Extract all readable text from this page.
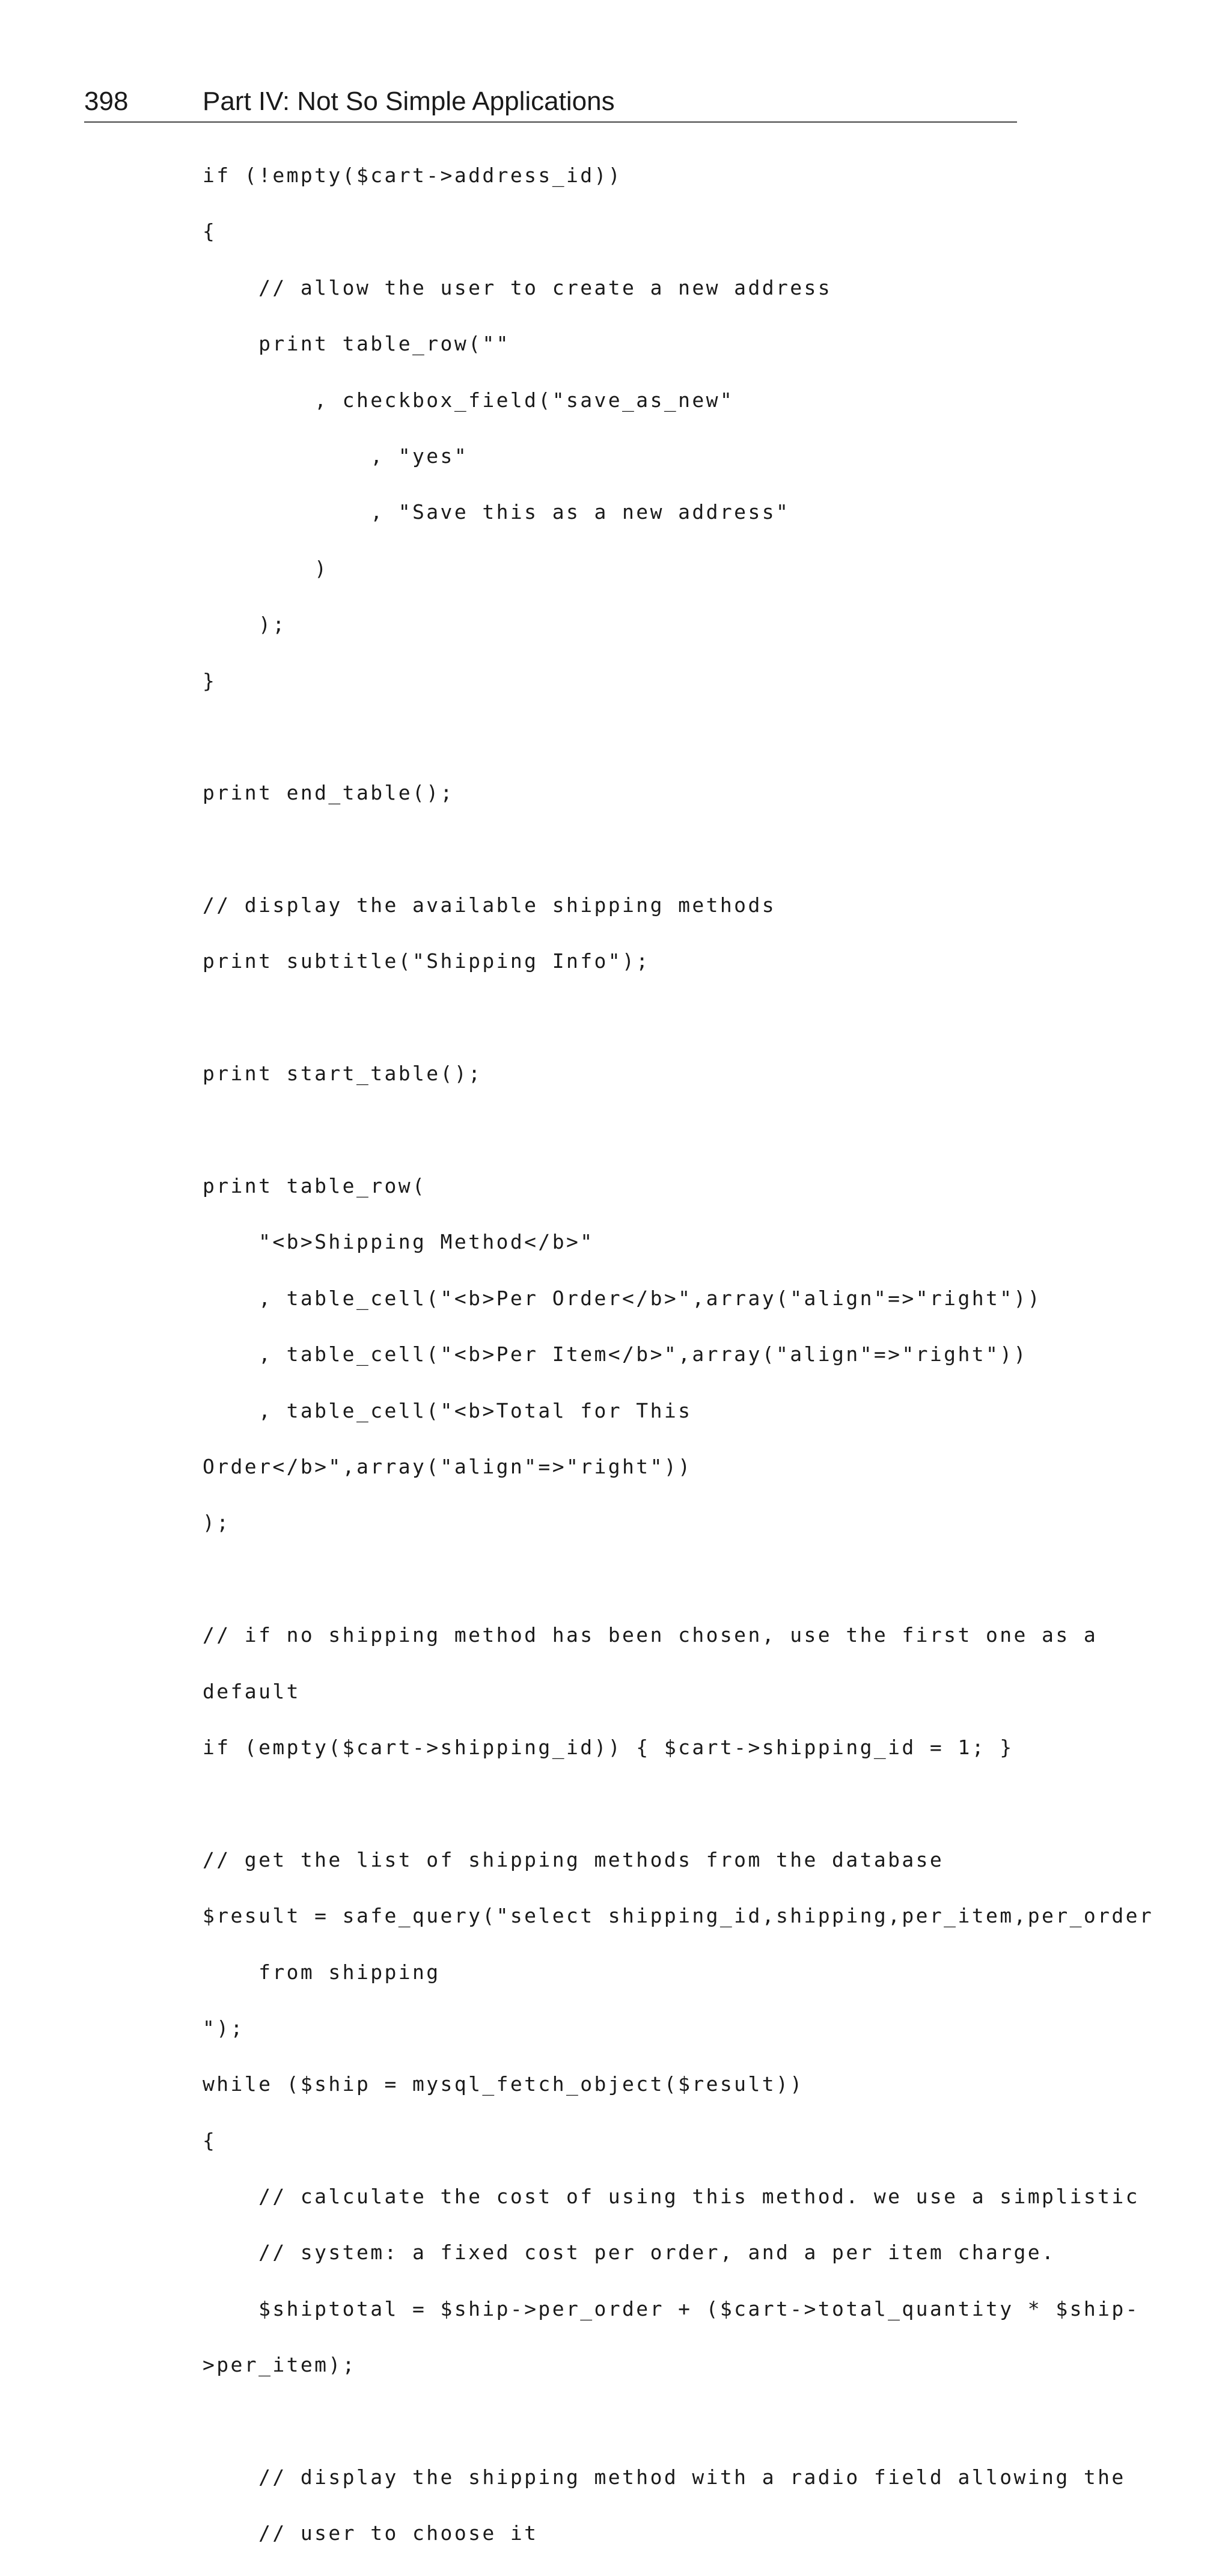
398	Part IV: Not So Simple Applications
if (!empty($cart->address_id))

{

// allow the user to create a new address

print table_row(""

, checkbox_field("save_as_new"

, "yes"

, "Save this as a new address"

)

);

}

print end_table();

// display the available shipping methods

print subtitle("Shipping Info");

print start_table();

print table_row(

"<b>Shipping Method</b>"

, table_cell("<b>Per Order</b>",array("align"=>"right"))

, table_cell("<b>Per Item</b>",array("align"=>"right"))

, table_cell("<b>Total for This

Order</b>",array("align"=>"right"))

);

// if no shipping method has been chosen, use the first one as a

default

if (empty($cart->shipping_id)) { $cart->shipping_id = 1; }

// get the list of shipping methods from the database

$result = safe_query("select shipping_id,shipping,per_item,per_order

from shipping

");

while ($ship = mysql_fetch_object($result))

{

// calculate the cost of using this method. we use a simplistic

// system: a fixed cost per order, and a per item charge.

$shiptotal = $ship->per_order + ($cart->total_quantity * $ship-

>per_item);

// display the shipping method with a radio field allowing the

// user to choose it
